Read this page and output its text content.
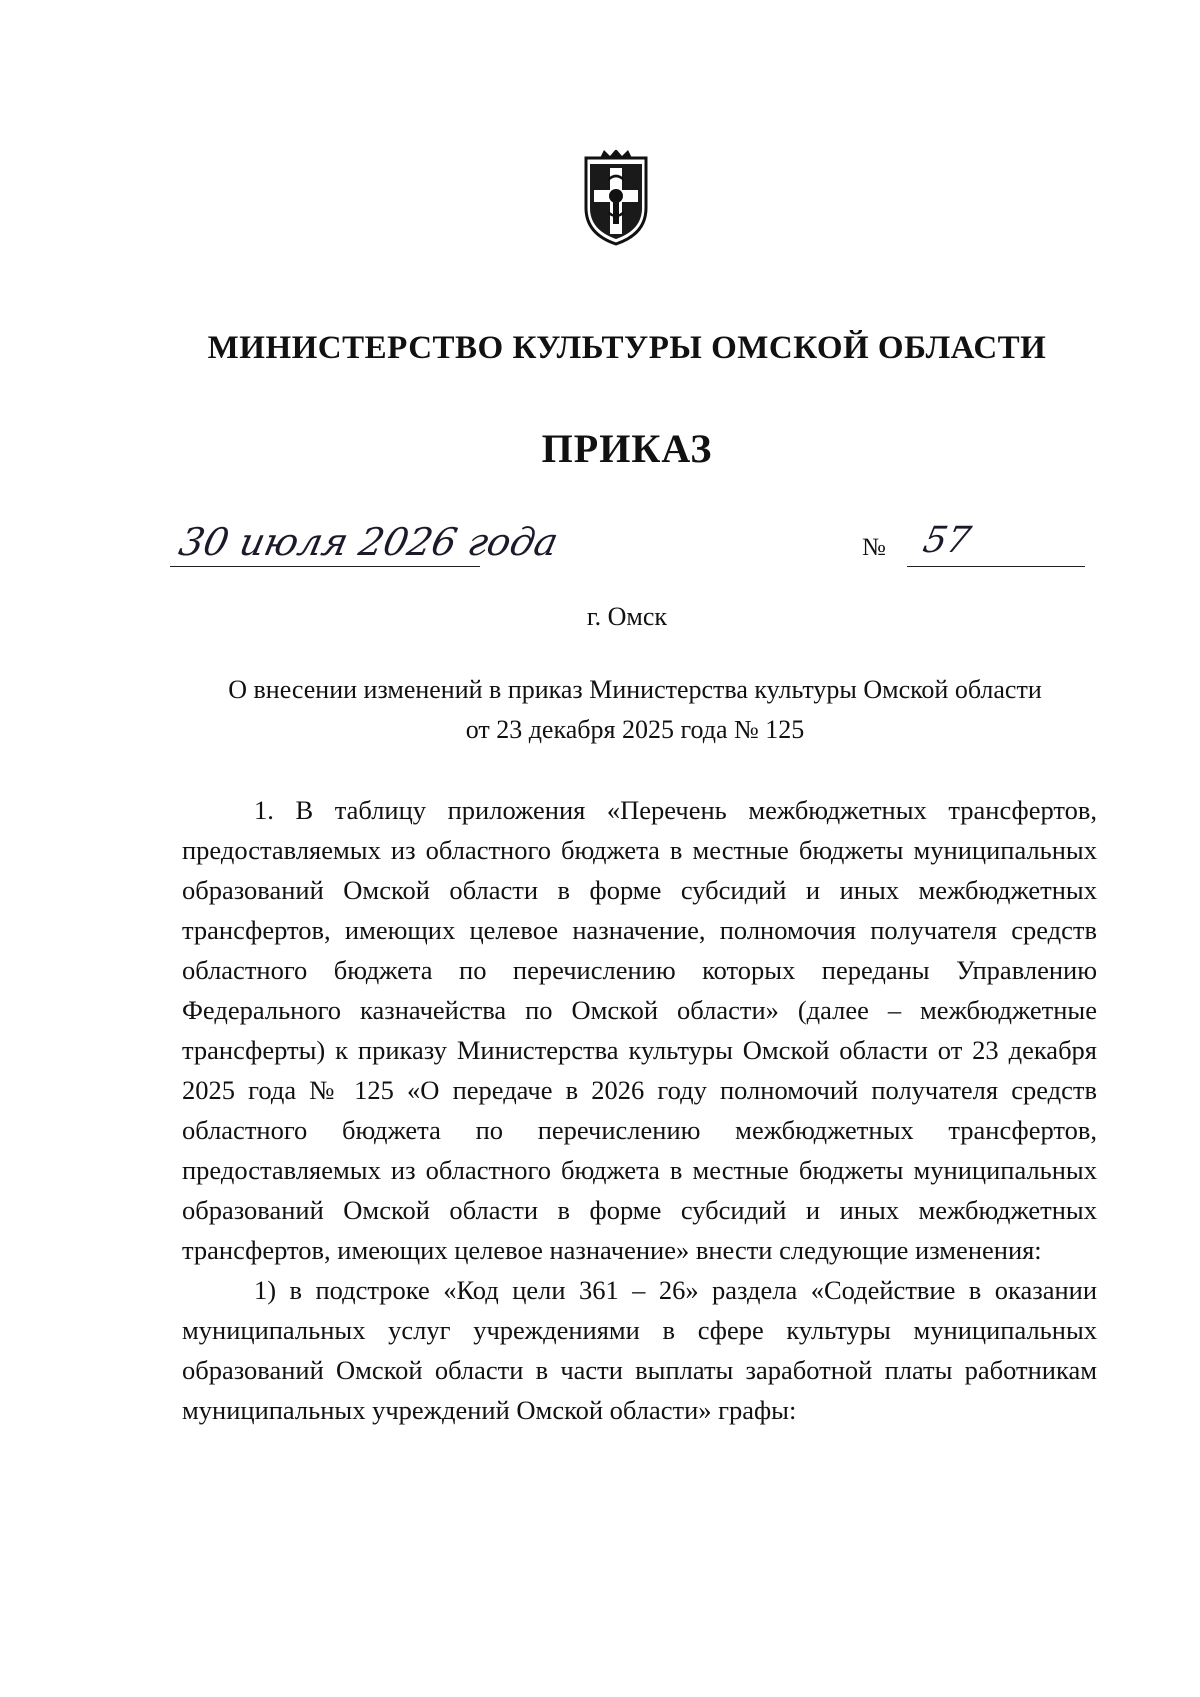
МИНИСТЕРСТВО КУЛЬТУРЫ ОМСКОЙ ОБЛАСТИ
ПРИКАЗ
30 июля 2026 года	№ 57
г. Омск
О внесении изменений в приказ Министерства культуры Омской области
от 23 декабря 2025 года № 125

1. В таблицу приложения «Перечень межбюджетных трансфертов, предоставляемых из областного бюджета в местные бюджеты муниципальных образований Омской области в форме субсидий и иных межбюджетных трансфертов, имеющих целевое назначение, полномочия получателя средств областного бюджета по перечислению которых переданы Управлению Федерального казначейства по Омской области» (далее – межбюджетные трансферты) к приказу Министерства культуры Омской области от 23 декабря 2025 года № 125 «О передаче в 2026 году полномочий получателя средств областного бюджета по перечислению межбюджетных трансфертов, предоставляемых из областного бюджета в местные бюджеты муниципальных образований Омской области в форме субсидий и иных межбюджетных трансфертов, имеющих целевое назначение» внести следующие изменения:

1) в подстроке «Код цели 361 – 26» раздела «Содействие в оказании муниципальных услуг учреждениями в сфере культуры муниципальных образований Омской области в части выплаты заработной платы работникам муниципальных учреждений Омской области» графы:
